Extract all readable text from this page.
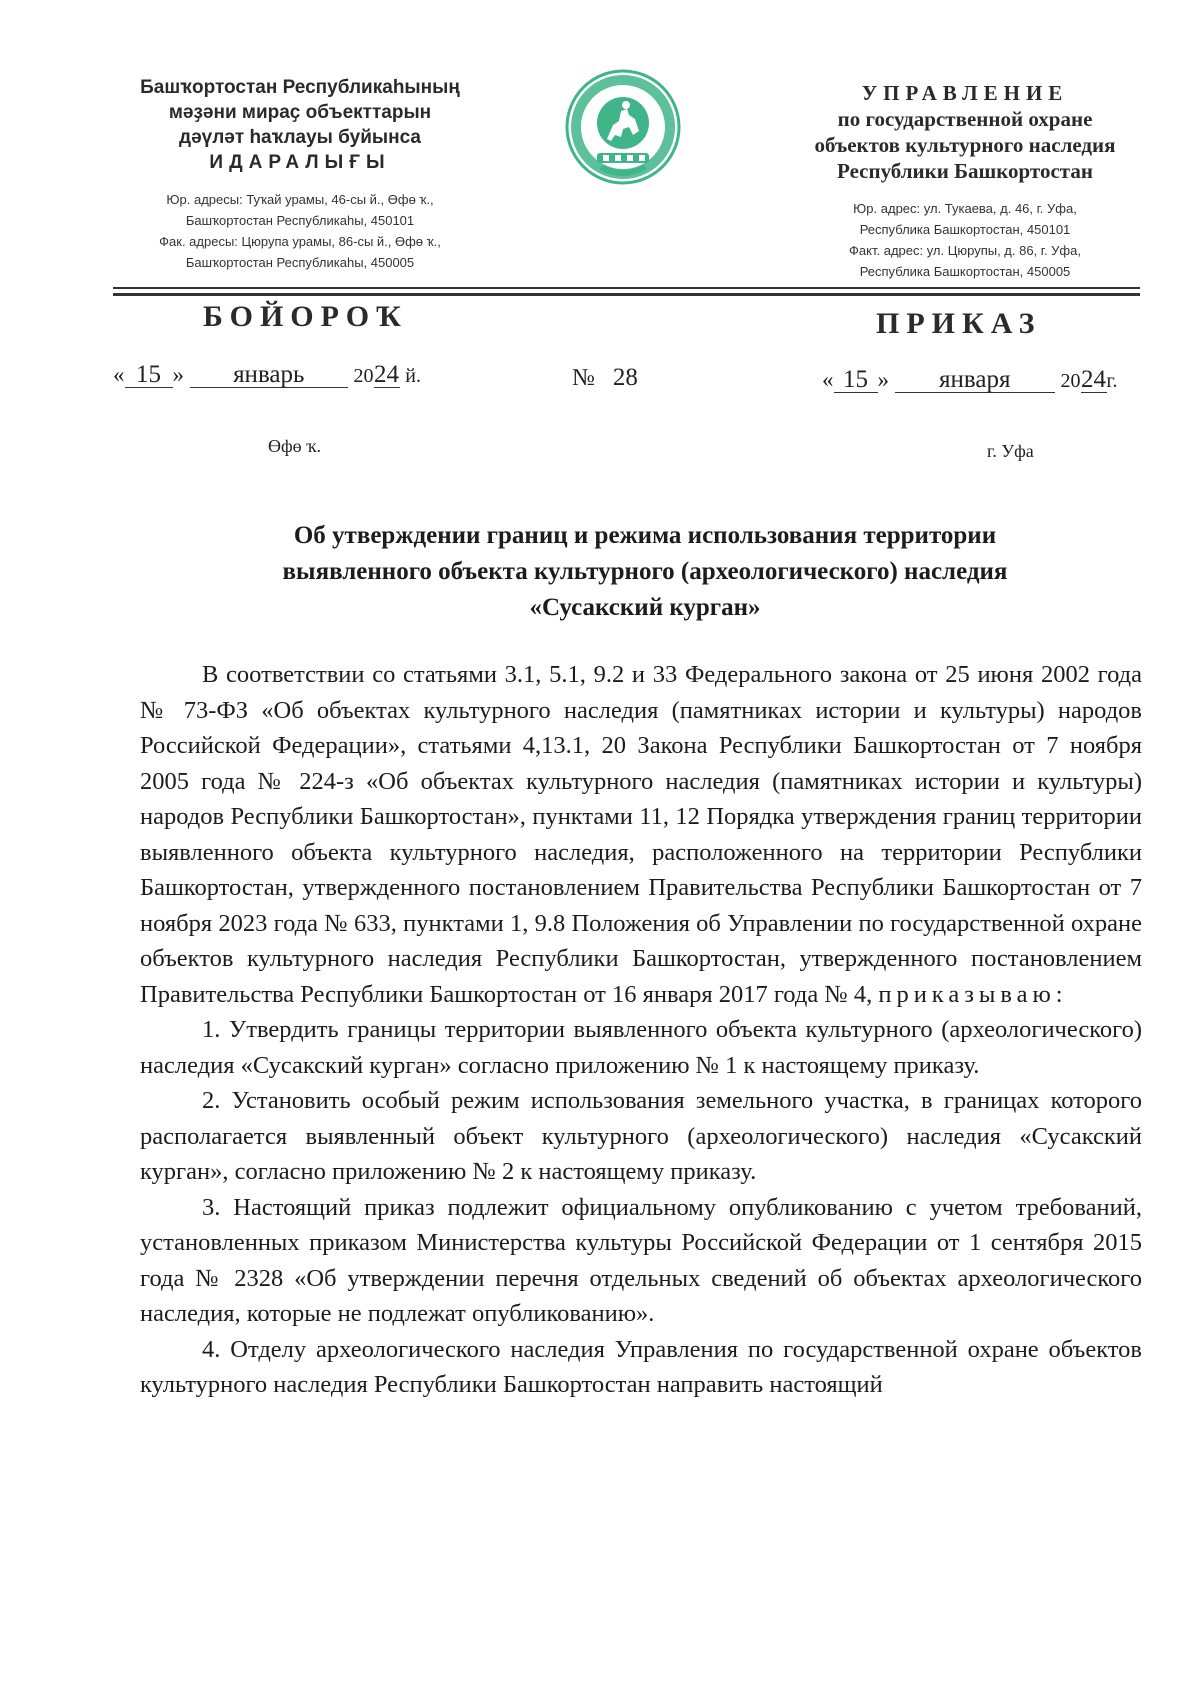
Башҡортостан Республикаһының
мәҙәни мираҫ объекттарын
дәүләт һаҡлауы буйынса
ИДАРАЛЫҒЫ
Юр. адресы: Туҡай урамы, 46-сы й., Өфө ҡ.,
Башҡортостан Республикаһы, 450101
Фак. адресы: Цюрупа урамы, 86-сы й., Өфө ҡ.,
Башҡортостан Республикаһы, 450005
УПРАВЛЕНИЕ
по государственной охране
объектов культурного наследия
Республики Башкортостан
Юр. адрес: ул. Тукаева, д. 46, г. Уфа,
Республика Башкортостан, 450101
Факт. адрес: ул. Цюрупы, д. 86, г. Уфа,
Республика Башкортостан, 450005
БОЙОРОҠ	ПРИКАЗ
« 15 » январь 2024 й.	№ 28	« 15 » января	2024г.
Өфө ҡ.	г. Уфа
Об утверждении границ и режима использования территории
выявленного объекта культурного (археологического) наследия
«Сусакский курган»

В соответствии со статьями 3.1, 5.1, 9.2 и 33 Федерального закона от 25 июня 2002 года № 73-ФЗ «Об объектах культурного наследия (памятниках истории и культуры) народов Российской Федерации», статьями 4,13.1, 20 Закона Республики Башкортостан от 7 ноября 2005 года № 224-з «Об объектах культурного наследия (памятниках истории и культуры) народов Республики Башкортостан», пунктами 11, 12 Порядка утверждения границ территории выявленного объекта культурного наследия, расположенного на территории Республики Башкортостан, утвержденного постановлением Правительства Республики Башкортостан от 7 ноября 2023 года № 633, пунктами 1, 9.8 Положения об Управлении по государственной охране объектов культурного наследия Республики Башкортостан, утвержденного постановлением Правительства Республики Башкортостан от 16 января 2017 года № 4, приказываю:

1. Утвердить границы территории выявленного объекта культурного (археологического) наследия «Сусакский курган» согласно приложению № 1 к настоящему приказу.

2. Установить особый режим использования земельного участка, в границах которого располагается выявленный объект культурного (археологического) наследия «Сусакский курган», согласно приложению № 2 к настоящему приказу.

3. Настоящий приказ подлежит официальному опубликованию с учетом требований, установленных приказом Министерства культуры Российской Федерации от 1 сентября 2015 года № 2328 «Об утверждении перечня отдельных сведений об объектах археологического наследия, которые не подлежат опубликованию».

4. Отделу археологического наследия Управления по государственной охране объектов культурного наследия Республики Башкортостан направить настоящий
